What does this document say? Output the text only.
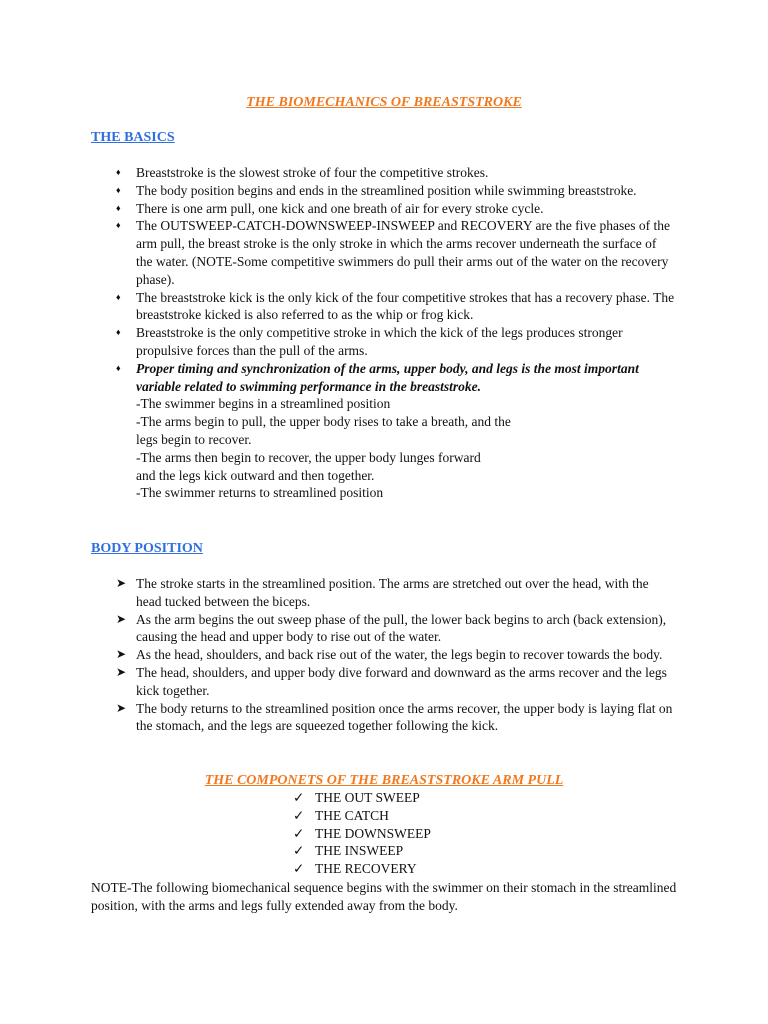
THE BIOMECHANICS OF BREASTSTROKE
THE BASICS
♦	Breaststroke is the slowest stroke of four the competitive strokes.
♦	The body position begins and ends in the streamlined position while swimming breaststroke.
♦	There is one arm pull, one kick and one breath of air for every stroke cycle.
♦	The OUTSWEEP-CATCH-DOWNSWEEP-INSWEEP and RECOVERY are the five phases of the arm pull, the breast stroke is the only stroke in which the arms recover underneath the surface of the water. (NOTE-Some competitive swimmers do pull their arms out of the water on the recovery phase).
♦	The breaststroke kick is the only kick of the four competitive strokes that has a recovery phase. The breaststroke kicked is also referred to as the whip or frog kick.
♦	Breaststroke is the only competitive stroke in which the kick of the legs produces stronger propulsive forces than the pull of the arms.
♦	Proper timing and synchronization of the arms, upper body, and legs is the most important variable related to swimming performance in the breaststroke.
-The swimmer begins in a streamlined position
-The arms begin to pull, the upper body rises to take a breath, and the
legs begin to recover.
-The arms then begin to recover, the upper body lunges forward
and the legs kick outward and then together.
-The swimmer returns to streamlined position
BODY POSITION
➤ The stroke starts in the streamlined position. The arms are stretched out over the head, with the head tucked between the biceps.
➤ As the arm begins the out sweep phase of the pull, the lower back begins to arch (back extension), causing the head and upper body to rise out of the water.
➤ As the head, shoulders, and back rise out of the water, the legs begin to recover towards the body.
➤ The head, shoulders, and upper body dive forward and downward as the arms recover and the legs kick together.
➤ The body returns to the streamlined position once the arms recover, the upper body is laying flat on the stomach, and the legs are squeezed together following the kick.
THE COMPONETS OF THE BREASTSTROKE ARM PULL
✓ THE OUT SWEEP
✓ THE CATCH
✓ THE DOWNSWEEP
✓ THE INSWEEP
✓ THE RECOVERY
NOTE-The following biomechanical sequence begins with the swimmer on their stomach in the streamlined position, with the arms and legs fully extended away from the body.
